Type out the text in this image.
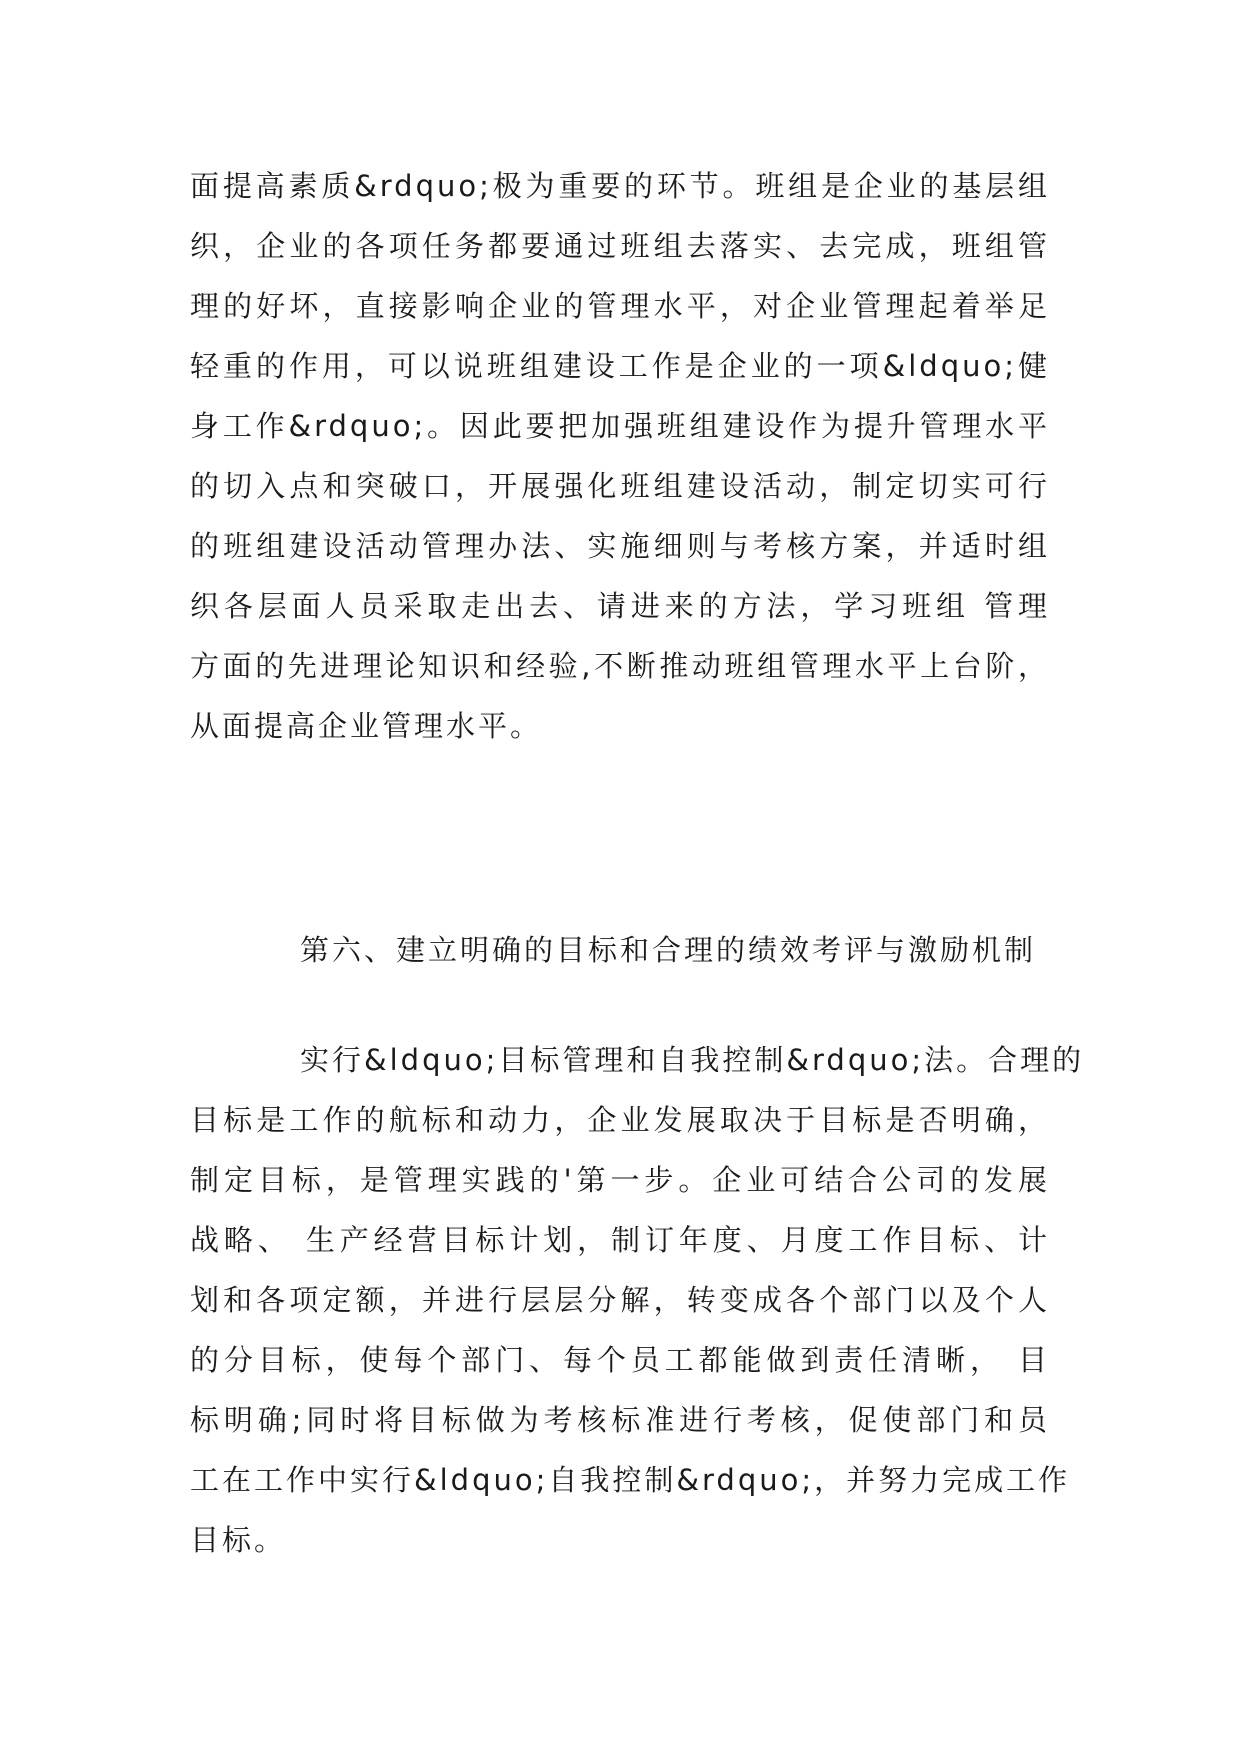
面提高素质&rdquo;极为重要的环节。班组是企业的基层组
织，企业的各项任务都要通过班组去落实、去完成，班组管
理的好坏，直接影响企业的管理水平，对企业管理起着举足
轻重的作用，可以说班组建设工作是企业的一项&ldquo;健
身工作&rdquo;。因此要把加强班组建设作为提升管理水平
的切入点和突破口，开展强化班组建设活动，制定切实可行
的班组建设活动管理办法、实施细则与考核方案，并适时组
织各层面人员采取走出去、请进来的方法，学习班组 管理
方面的先进理论知识和经验,不断推动班组管理水平上台阶，
从面提高企业管理水平。
第六、建立明确的目标和合理的绩效考评与激励机制
实行&ldquo;目标管理和自我控制&rdquo;法。合理的
目标是工作的航标和动力，企业发展取决于目标是否明确，
制定目标，是管理实践的'第一步。企业可结合公司的发展
战略、 生产经营目标计划，制订年度、月度工作目标、计
划和各项定额，并进行层层分解，转变成各个部门以及个人
的分目标，使每个部门、每个员工都能做到责任清晰， 目
标明确;同时将目标做为考核标准进行考核，促使部门和员
工在工作中实行&ldquo;自我控制&rdquo;，并努力完成工作
目标。
